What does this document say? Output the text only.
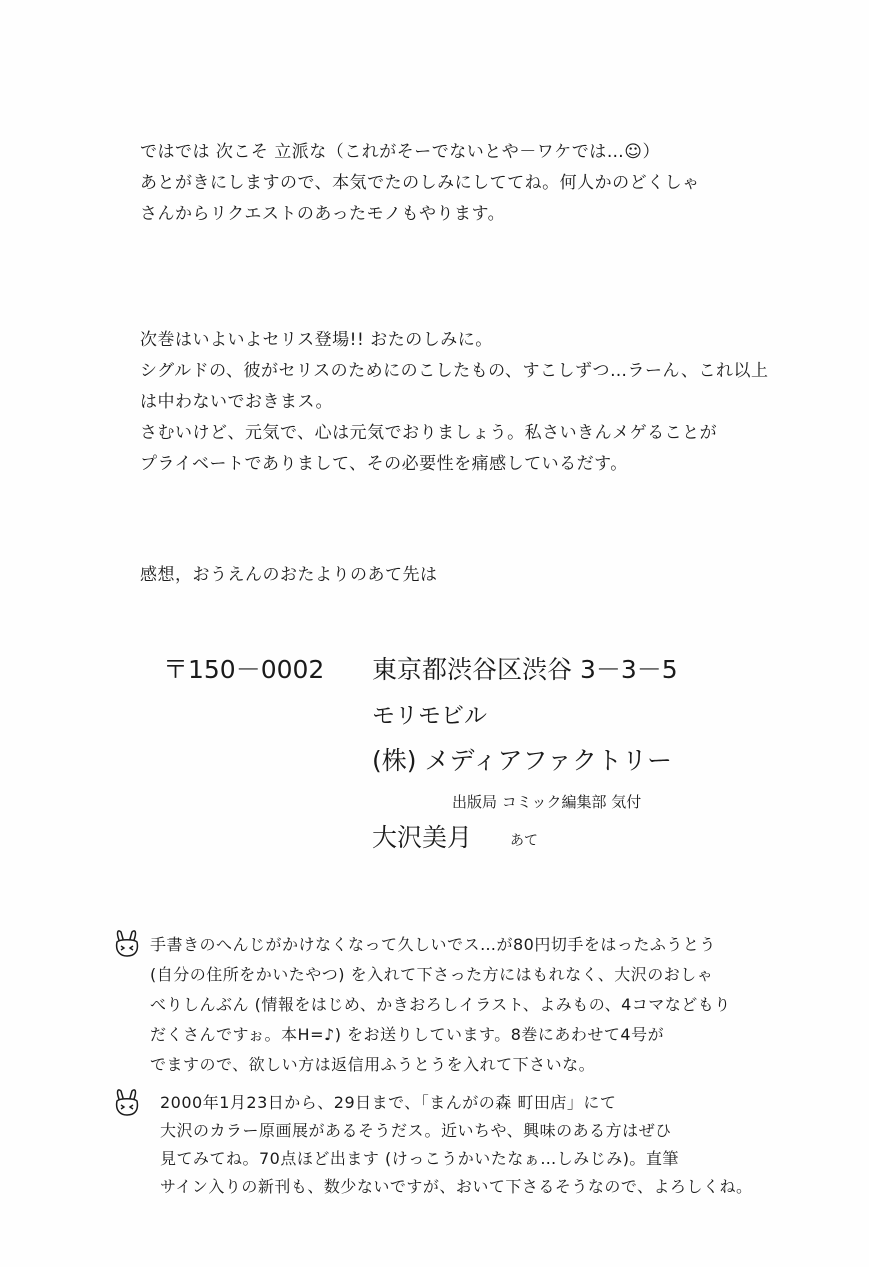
ではでは 次こそ 立派な（これがそーでないとや－ワケでは…☺）
あとがきにしますので、本気でたのしみにしててね。何人かのどくしゃ
さんからリクエストのあったモノもやります。
次巻はいよいよセリス登場!! おたのしみに。
シグルドの、彼がセリスのためにのこしたもの、すこしずつ…ラーん、これ以上
は中わないでおきまス。
さむいけど、元気で、心は元気でおりましょう。私さいきんメゲることが
プライベートでありまして、その必要性を痛感しているだす。
感想，おうえんのおたよりのあて先は
〒150－0002 東京都渋谷区渋谷 3－3－5
モリモビル
(株) メディアファクトリー
出版局 コミック編集部 気付
大沢美月	あて
手書きのへんじがかけなくなって久しいでス…が80円切手をはったふうとう
(自分の住所をかいたやつ) を入れて下さった方にはもれなく、大沢のおしゃ
べりしんぶん (情報をはじめ、かきおろしイラスト、よみもの、4コマなどもり
だくさんですぉ。本H=♪) をお送りしています。8巻にあわせて4号が
でますので、欲しい方は返信用ふうとうを入れて下さいな。
2000年1月23日から、29日まで、「まんがの森 町田店」にて
大沢のカラー原画展があるそうだス。近いちや、興味のある方はぜひ
見てみてね。70点ほど出ます (けっこうかいたなぁ…しみじみ)。直筆
サイン入りの新刊も、数少ないですが、おいて下さるそうなので、よろしくね。
